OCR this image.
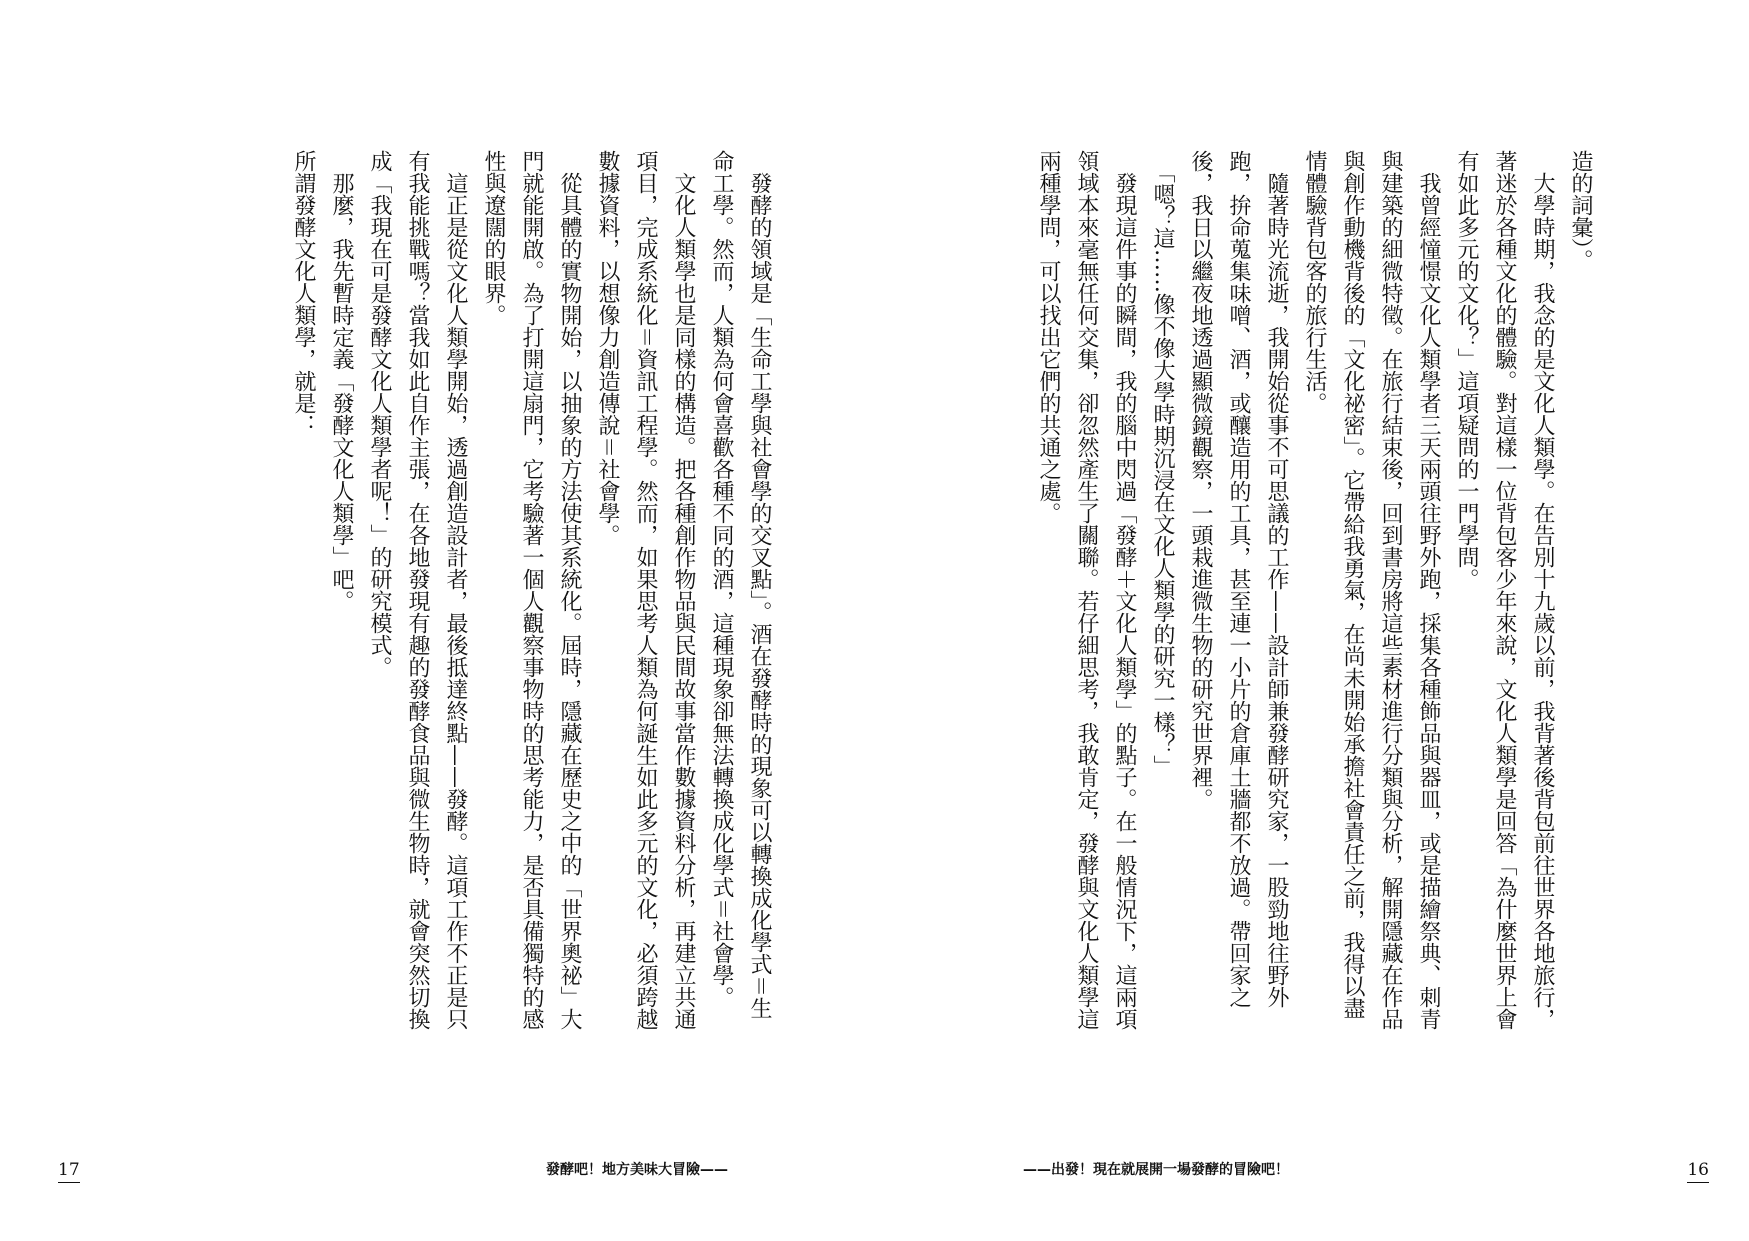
　發酵的領域是「生命工學與社會學的交叉點」。酒在發酵時的現象可以轉換成化學式＝生命工學。然而，人類為何會喜歡各種不同的酒，這種現象卻無法轉換成化學式＝社會學。

　文化人類學也是同樣的構造。把各種創作物品與民間故事當作數據資料分析，再建立共通項目，完成系統化＝資訊工程學。然而，如果思考人類為何誕生如此多元的文化，必須跨越數據資料，以想像力創造傳說＝社會學。

　從具體的實物開始，以抽象的方法使其系統化。屆時，隱藏在歷史之中的「世界奧祕」大門就能開啟。為了打開這扇門，它考驗著一個人觀察事物時的思考能力，是否具備獨特的感性與遼闊的眼界。

　這正是從文化人類學開始，透過創造設計者，最後抵達終點——發酵。這項工作不正是只有我能挑戰嗎？當我如此自作主張，在各地發現有趣的發酵食品與微生物時，就會突然切換成「我現在可是發酵文化人類學者呢！」的研究模式。

　那麼，我先暫時定義「發酵文化人類學」吧。

所謂發酵文化人類學，就是：

17	發酵吧！地方美味大冒險——

造的詞彙）。

　大學時期，我念的是文化人類學。在告別十九歲以前，我背著後背包前往世界各地旅行，著迷於各種文化的體驗。對這樣一位背包客少年來說，文化人類學是回答「為什麼世界上會有如此多元的文化？」這項疑問的一門學問。

　我曾經憧憬文化人類學者三天兩頭往野外跑，採集各種飾品與器皿，或是描繪祭典、刺青與建築的細微特徵。在旅行結束後，回到書房將這些素材進行分類與分析，解開隱藏在作品與創作動機背後的「文化祕密」。它帶給我勇氣，在尚未開始承擔社會責任之前，我得以盡情體驗背包客的旅行生活。

　隨著時光流逝，我開始從事不可思議的工作——設計師兼發酵研究家，一股勁地往野外跑，拚命蒐集味噌、酒，或釀造用的工具，甚至連一小片的倉庫土牆都不放過。帶回家之後，我日以繼夜地透過顯微鏡觀察，一頭栽進微生物的研究世界裡。

　「嗯？這……像不像大學時期沉浸在文化人類學的研究一樣？」

　發現這件事的瞬間，我的腦中閃過「發酵＋文化人類學」的點子。在一般情況下，這兩項領域本來毫無任何交集，卻忽然產生了關聯。若仔細思考，我敢肯定，發酵與文化人類學這兩種學問，可以找出它們的共通之處。

——出發！現在就展開一場發酵的冒險吧！	16
